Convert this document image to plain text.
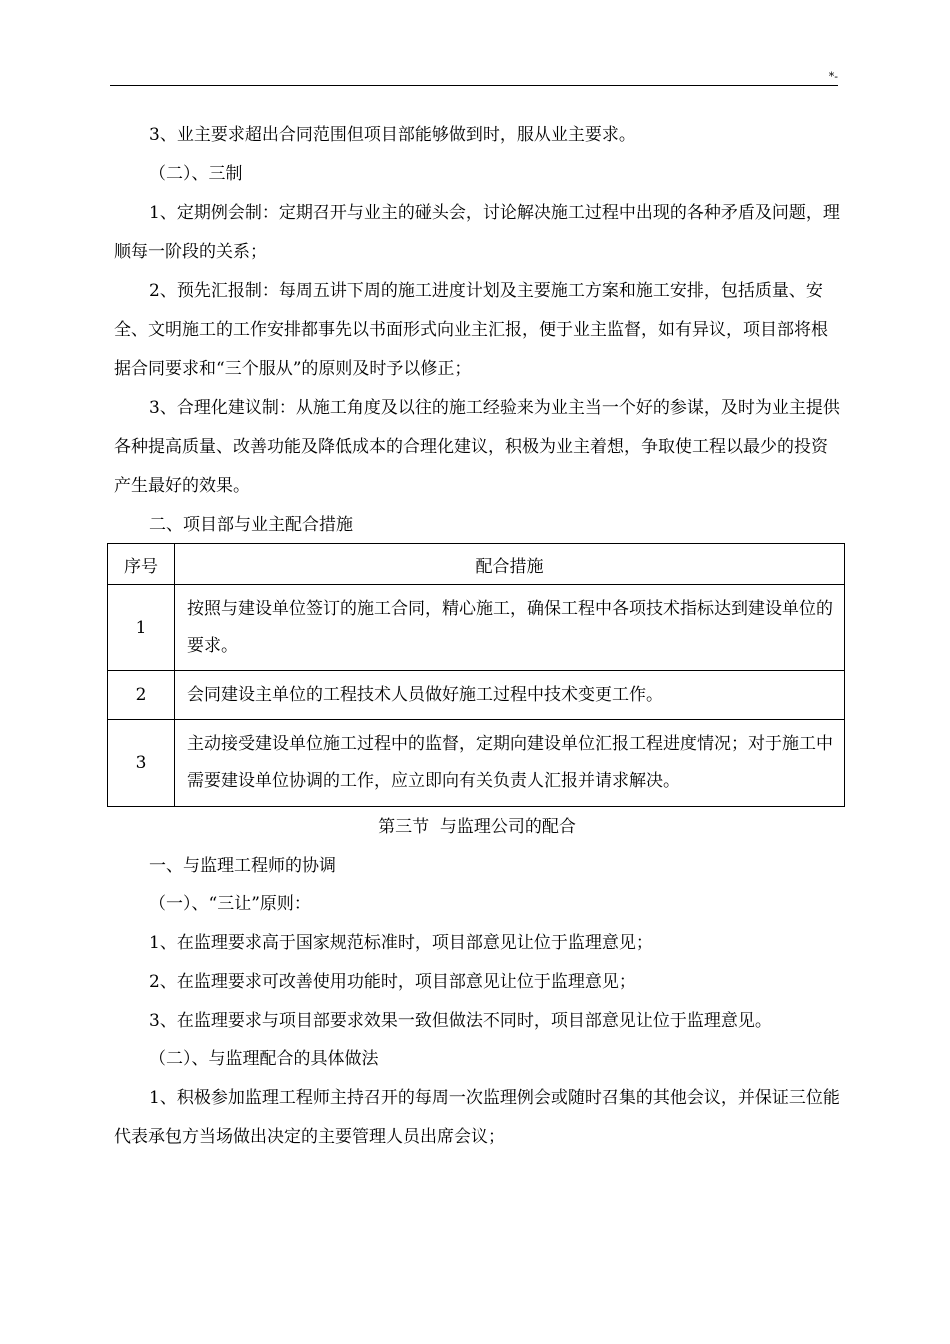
*-

3、业主要求超出合同范围但项目部能够做到时，服从业主要求。

（二）、三制

1、定期例会制：定期召开与业主的碰头会，讨论解决施工过程中出现的各种矛盾及问题，理顺每一阶段的关系；

2、预先汇报制：每周五讲下周的施工进度计划及主要施工方案和施工安排，包括质量、安全、文明施工的工作安排都事先以书面形式向业主汇报，便于业主监督，如有异议，项目部将根据合同要求和“三个服从”的原则及时予以修正；

3、合理化建议制：从施工角度及以往的施工经验来为业主当一个好的参谋，及时为业主提供各种提高质量、改善功能及降低成本的合理化建议，积极为业主着想，争取使工程以最少的投资产生最好的效果。

二、项目部与业主配合措施

序号	配合措施
1	按照与建设单位签订的施工合同，精心施工，确保工程中各项技术指标达到建设单位的要求。
2	会同建设主单位的工程技术人员做好施工过程中技术变更工作。
3	主动接受建设单位施工过程中的监督，定期向建设单位汇报工程进度情况；对于施工中需要建设单位协调的工作，应立即向有关负责人汇报并请求解决。

第三节  与监理公司的配合

一、与监理工程师的协调

（一）、“三让”原则：

1、在监理要求高于国家规范标准时，项目部意见让位于监理意见；

2、在监理要求可改善使用功能时，项目部意见让位于监理意见；

3、在监理要求与项目部要求效果一致但做法不同时，项目部意见让位于监理意见。

（二）、与监理配合的具体做法

1、积极参加监理工程师主持召开的每周一次监理例会或随时召集的其他会议，并保证三位能代表承包方当场做出决定的主要管理人员出席会议；
